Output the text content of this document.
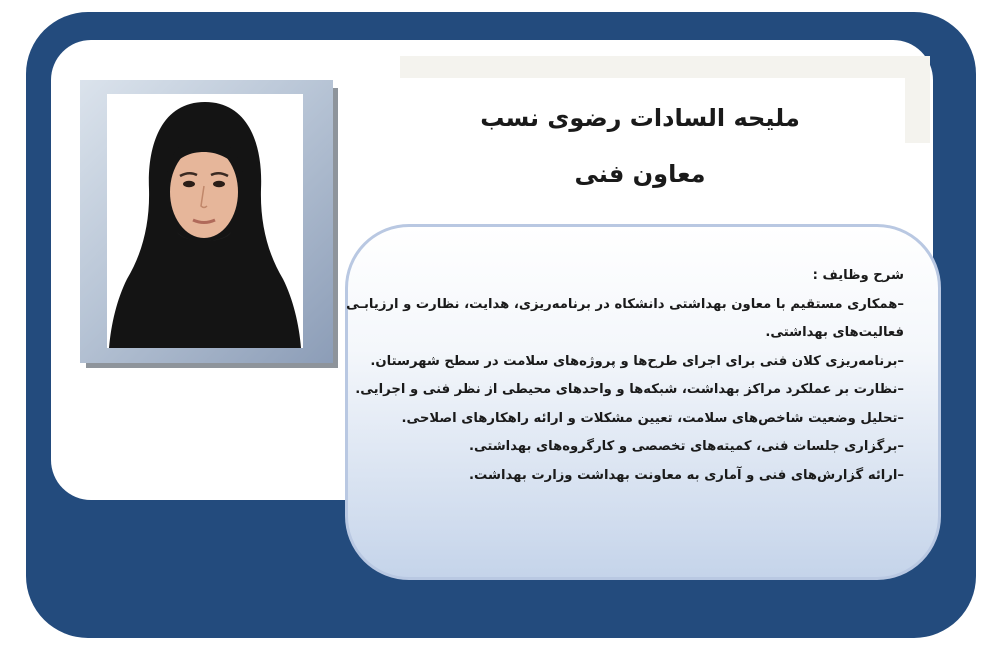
ملیحه السادات رضوی نسب
معاون فنی
شرح وظایف :
–همکاری مستقیم با معاون بهداشتی دانشکاه در برنامه‌ریزی، هدایت، نظارت و ارزیابـی
فعالیت‌های بهداشتی.
–برنامه‌ریزی کلان فنی برای اجرای طرح‌ها و پروژه‌های سلامت در سطح شهرستان.
–نظارت بر عملکرد مراکز بهداشت، شبکه‌ها و واحدهای محیطی از نظر فنی و اجرایی.
–تحلیل وضعیت شاخص‌های سلامت، تعیین مشکلات و ارائه راهکارهای اصلاحی.
–برگزاری جلسات فنی، کمیته‌های تخصصی و کارگروه‌های بهداشتی.
–ارائه گزارش‌های فنی و آماری به معاونت بهداشت وزارت بهداشت.
